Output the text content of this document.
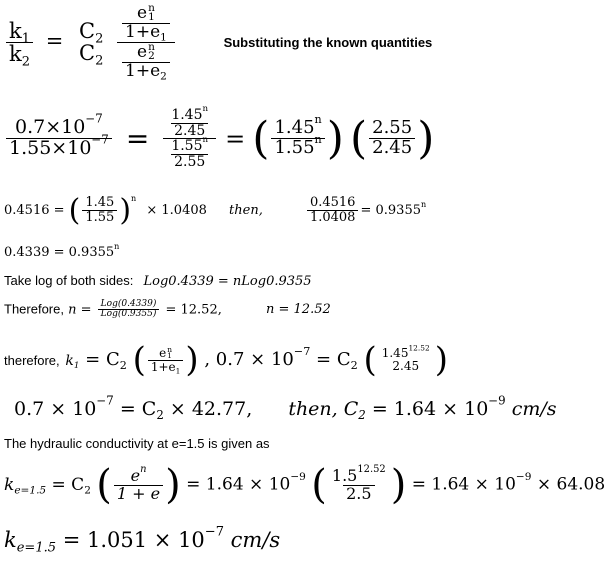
$\frac{k_1}{k_2} = C_2$
$C_2$
e n
1
$1+e_1$
e n
2
$1+e_2$	Substituting the known quantities
$\frac{0.7\times 10^{-7}}{1.55\times 10^{-7}} = \frac{\frac{1.45^n}{2.45}}{\frac{1.55^n}{2.55}}$ = ( $\frac{1.45^n}{1.55^n}$ ) ( $\frac{2.55}{2.45}$ )
0.4516 = ( $\frac{1.45}{1.55} )^n \times 1.0408$ then,	$\frac{0.4516}{1.0408} = 0.9355^n$
$0.4339 = 0.9355^n$
Take log of both sides: Log0.4339 = nLog0.9355
Therefore, $n = \frac{\text{Log(0.4339)}}{\text{Log(0.9355)}} = 12.52$,	n = 12.52
therefore, $k_1 = C_2$ ( e n
1
$1+e_1$ ) , $0.7 \times 10^{-7} = C_2$ ( $1.45^{12.52}$
2.45 )
$0.7 \times 10^{-7} = C_2 \times 42.77$, then, $C_2 = 1.64 \times 10^{-9}$ cm/s
The hydraulic conductivity at e=1.5 is given as
$k_{e=1.5} = C_2$ ( $\frac{e^n}{1 + e}$ ) = $1.64 \times 10^{-9}$ ( $\frac{1.5^{12.52}}{2.5}$ ) = $1.64 \times 10^{-9} \times 64.08$
$k_{e=1.5} = 1.051 \times 10^{-7}$ cm/s
